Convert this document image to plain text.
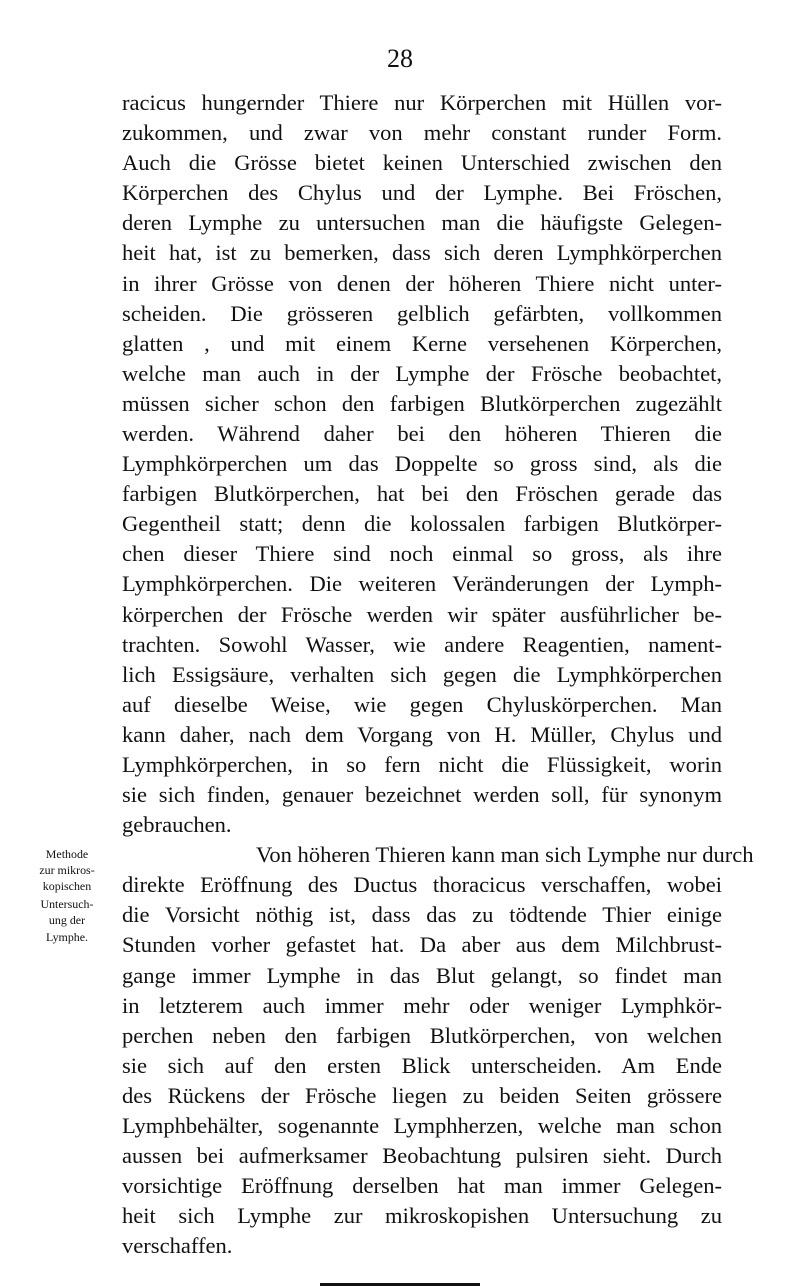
28
racicus hungernder Thiere nur Körperchen mit Hüllen vor-
zukommen, und zwar von mehr constant runder Form.
Auch die Grösse bietet keinen Unterschied zwischen den
Körperchen des Chylus und der Lymphe. Bei Fröschen,
deren Lymphe zu untersuchen man die häufigste Gelegen-
heit hat, ist zu bemerken, dass sich deren Lymphkörperchen
in ihrer Grösse von denen der höheren Thiere nicht unter-
scheiden. Die grösseren gelblich gefärbten, vollkommen
glatten , und mit einem Kerne versehenen Körperchen,
welche man auch in der Lymphe der Frösche beobachtet,
müssen sicher schon den farbigen Blutkörperchen zugezählt
werden. Während daher bei den höheren Thieren die
Lymphkörperchen um das Doppelte so gross sind, als die
farbigen Blutkörperchen, hat bei den Fröschen gerade das
Gegentheil statt; denn die kolossalen farbigen Blutkörper-
chen dieser Thiere sind noch einmal so gross, als ihre
Lymphkörperchen. Die weiteren Veränderungen der Lymph-
körperchen der Frösche werden wir später ausführlicher be-
trachten. Sowohl Wasser, wie andere Reagentien, nament-
lich Essigsäure, verhalten sich gegen die Lymphkörperchen
auf dieselbe Weise, wie gegen Chyluskörperchen. Man
kann daher, nach dem Vorgang von H. Müller, Chylus und
Lymphkörperchen, in so fern nicht die Flüssigkeit, worin
sie sich finden, genauer bezeichnet werden soll, für synonym
gebrauchen.
Methode
zur mikros-
kopischen
Untersuch-
ung der
Lymphe.
Von höheren Thieren kann man sich Lymphe nur durch
direkte Eröffnung des Ductus thoracicus verschaffen, wobei
die Vorsicht nöthig ist, dass das zu tödtende Thier einige
Stunden vorher gefastet hat. Da aber aus dem Milchbrust-
gange immer Lymphe in das Blut gelangt, so findet man
in letzterem auch immer mehr oder weniger Lymphkör-
perchen neben den farbigen Blutkörperchen, von welchen
sie sich auf den ersten Blick unterscheiden. Am Ende
des Rückens der Frösche liegen zu beiden Seiten grössere
Lymphbehälter, sogenannte Lymphherzen, welche man schon
aussen bei aufmerksamer Beobachtung pulsiren sieht. Durch
vorsichtige Eröffnung derselben hat man immer Gelegen-
heit sich Lymphe zur mikroskopishen Untersuchung zu
verschaffen.
